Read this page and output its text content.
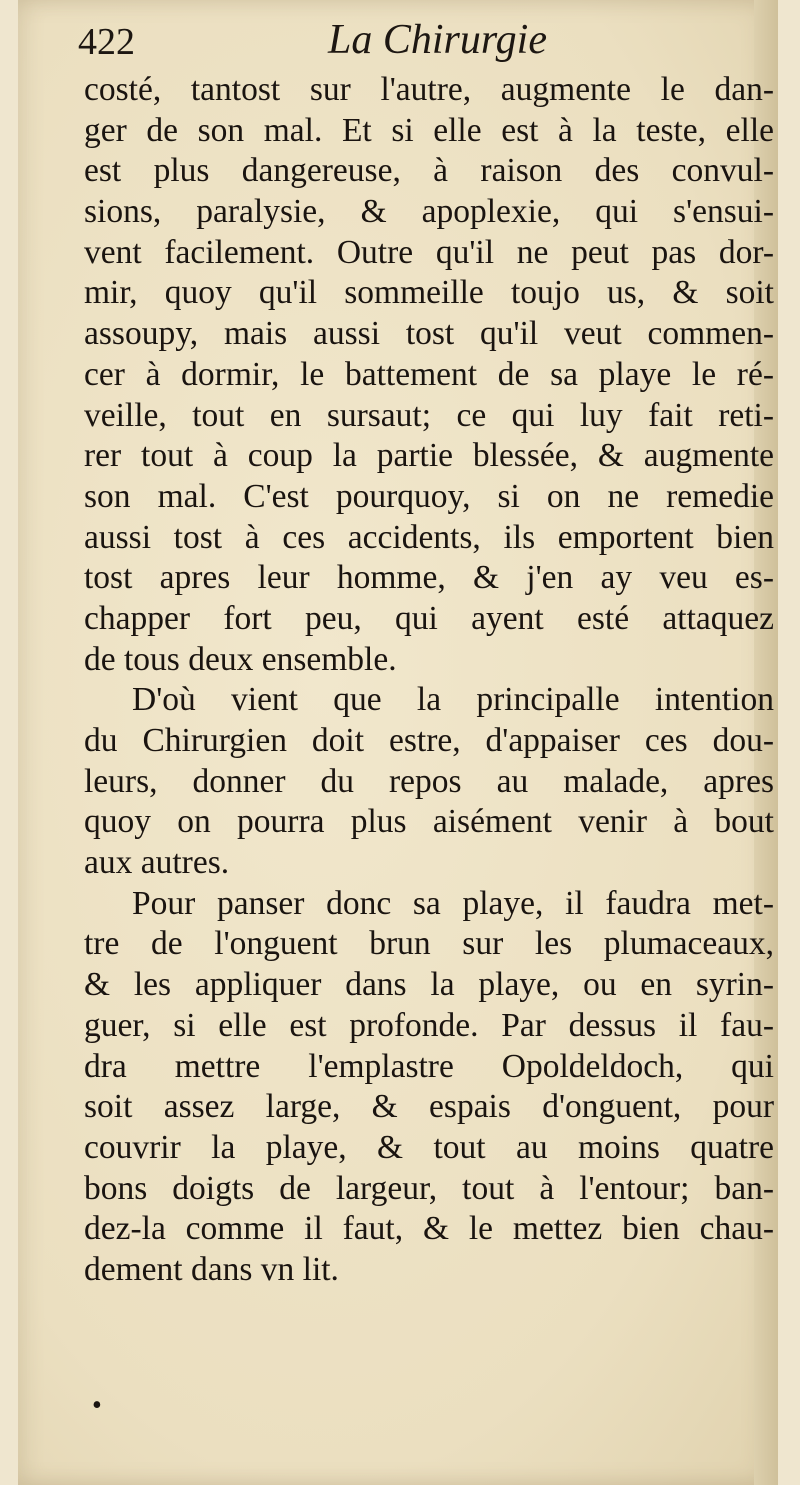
422	La Chirurgie
costé, tantost sur l'autre, augmente le dan-
ger de son mal. Et si elle est à la teste, elle
est plus dangereuse, à raison des convul-
sions, paralysie, & apoplexie, qui s'ensui-
vent facilement. Outre qu'il ne peut pas dor-
mir, quoy qu'il sommeille toujo us, & soit
assoupy, mais aussi tost qu'il veut commen-
cer à dormir, le battement de sa playe le ré-
veille, tout en sursaut; ce qui luy fait reti-
rer tout à coup la partie blessée, & augmente
son mal. C'est pourquoy, si on ne remedie
aussi tost à ces accidents, ils emportent bien
tost apres leur homme, & j'en ay veu es-
chapper fort peu, qui ayent esté attaquez
de tous deux ensemble.
D'où vient que la principalle intention
du Chirurgien doit estre, d'appaiser ces dou-
leurs, donner du repos au malade, apres
quoy on pourra plus aisément venir à bout
aux autres.
Pour panser donc sa playe, il faudra met-
tre de l'onguent brun sur les plumaceaux,
& les appliquer dans la playe, ou en syrin-
guer, si elle est profonde. Par dessus il fau-
dra mettre l'emplastre Opoldeldoch, qui
soit assez large, & espais d'onguent, pour
couvrir la playe, & tout au moins quatre
bons doigts de largeur, tout à l'entour; ban-
dez-la comme il faut, & le mettez bien chau-
dement dans vn lit.
•
